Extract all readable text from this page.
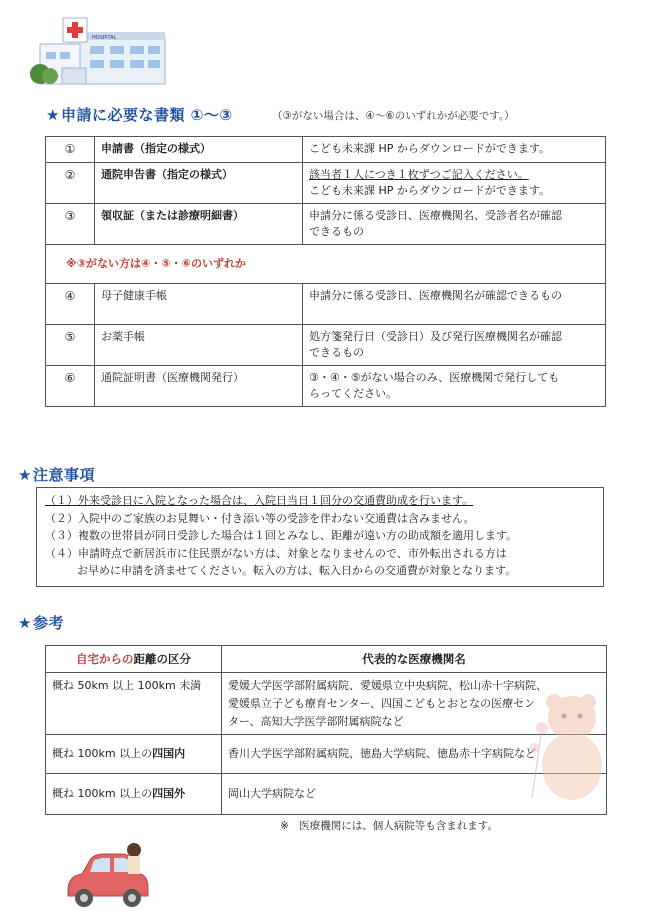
HOSPITAL
★申請に必要な書類 ①～③	（③がない場合は、④～⑥のいずれかが必要です。）
①	申請書（指定の様式）	こども未来課 HP からダウンロードができます。
②	通院申告書（指定の様式）	該当者１人につき１枚ずつご記入ください。
こども未来課 HP からダウンロードができます。
③	領収証（または診療明細書）	申請分に係る受診日、医療機関名、受診者名が確認
できるもの
※③がない方は④・⑤・⑥のいずれか		
④	母子健康手帳	申請分に係る受診日、医療機関名が確認できるもの

⑤	お薬手帳	処方箋発行日（受診日）及び発行医療機関名が確認
できるもの
⑥	通院証明書（医療機関発行）	③・④・⑤がない場合のみ、医療機関で発行しても
らってください。
★注意事項
（１）外来受診日に入院となった場合は、入院日当日１回分の交通費助成を行います。
（２）入院中のご家族のお見舞い・付き添い等の受診を伴わない交通費は含みません。
（３）複数の世帯員が同日受診した場合は１回とみなし、距離が遠い方の助成額を適用します。
（４）申請時点で新居浜市に住民票がない方は、対象となりませんので、市外転出される方は
お早めに申請を済ませてください。転入の方は、転入日からの交通費が対象となります。
★参考
自宅からの距離の区分	代表的な医療機関名
概ね 50km 以上 100km 未満	愛媛大学医学部附属病院、愛媛県立中央病院、松山赤十字病院、
愛媛県立子ども療育センター、四国こどもとおとなの医療セン
ター、高知大学医学部附属病院など
概ね 100km 以上の四国内	香川大学医学部附属病院、徳島大学病院、徳島赤十字病院など
概ね 100km 以上の四国外	岡山大学病院など
※　医療機関には、個人病院等も含まれます。
